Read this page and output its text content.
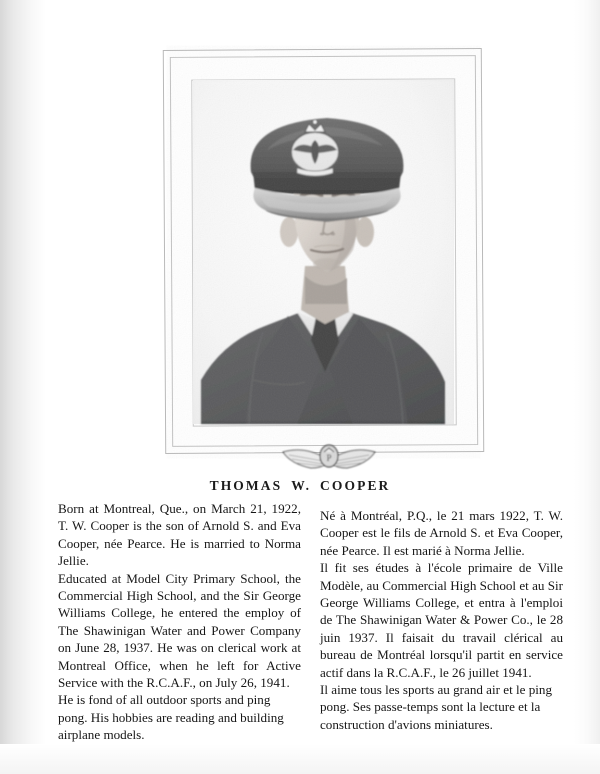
P
THOMAS W. COOPER

Born at Montreal, Que., on March 21, 1922, T. W. Cooper is the son of Arnold S. and Eva Cooper, née Pearce. He is married to Norma Jellie.

Educated at Model City Primary School, the Commercial High School, and the Sir George Williams College, he entered the employ of The Shawinigan Water and Power Company on June 28, 1937. He was on clerical work at Montreal Office, when he left for Active Service with the R.C.A.F., on July 26, 1941.

He is fond of all outdoor sports and ping pong. His hobbies are reading and building airplane models.

Né à Montréal, P.Q., le 21 mars 1922, T. W. Cooper est le fils de Arnold S. et Eva Cooper, née Pearce. Il est marié à Norma Jellie.

Il fit ses études à l'école primaire de Ville Modèle, au Commercial High School et au Sir George Williams College, et entra à l'emploi de The Shawinigan Water & Power Co., le 28 juin 1937. Il faisait du travail clérical au bureau de Montréal lorsqu'il partit en service actif dans la R.C.A.F., le 26 juillet 1941.

Il aime tous les sports au grand air et le ping pong. Ses passe-temps sont la lecture et la construction d'avions miniatures.
